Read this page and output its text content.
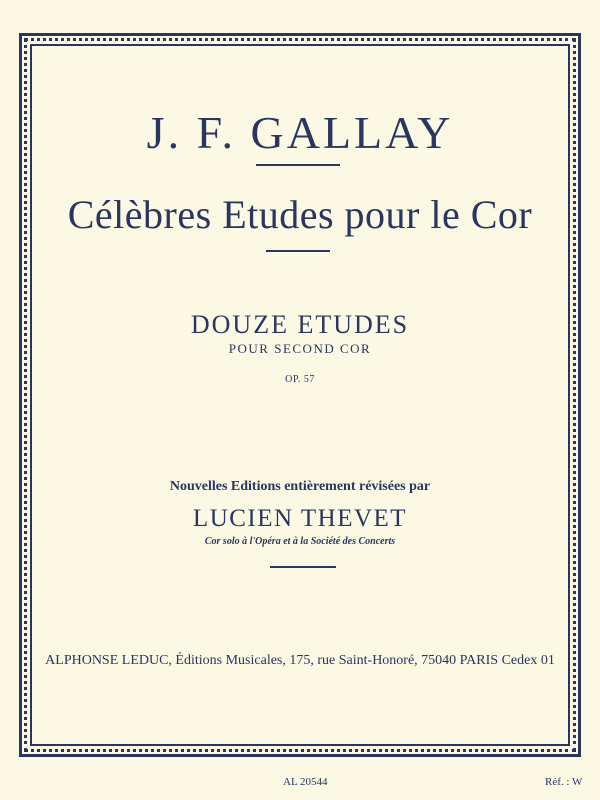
J. F. GALLAY
Célèbres Etudes pour le Cor
DOUZE ETUDES
POUR SECOND COR
OP. 57
Nouvelles Editions entièrement révisées par
LUCIEN THEVET
Cor solo à l'Opéra et à la Société des Concerts
ALPHONSE LEDUC, Éditions Musicales, 175, rue Saint-Honoré, 75040 PARIS Cedex 01
AL 20544	Réf. : W
